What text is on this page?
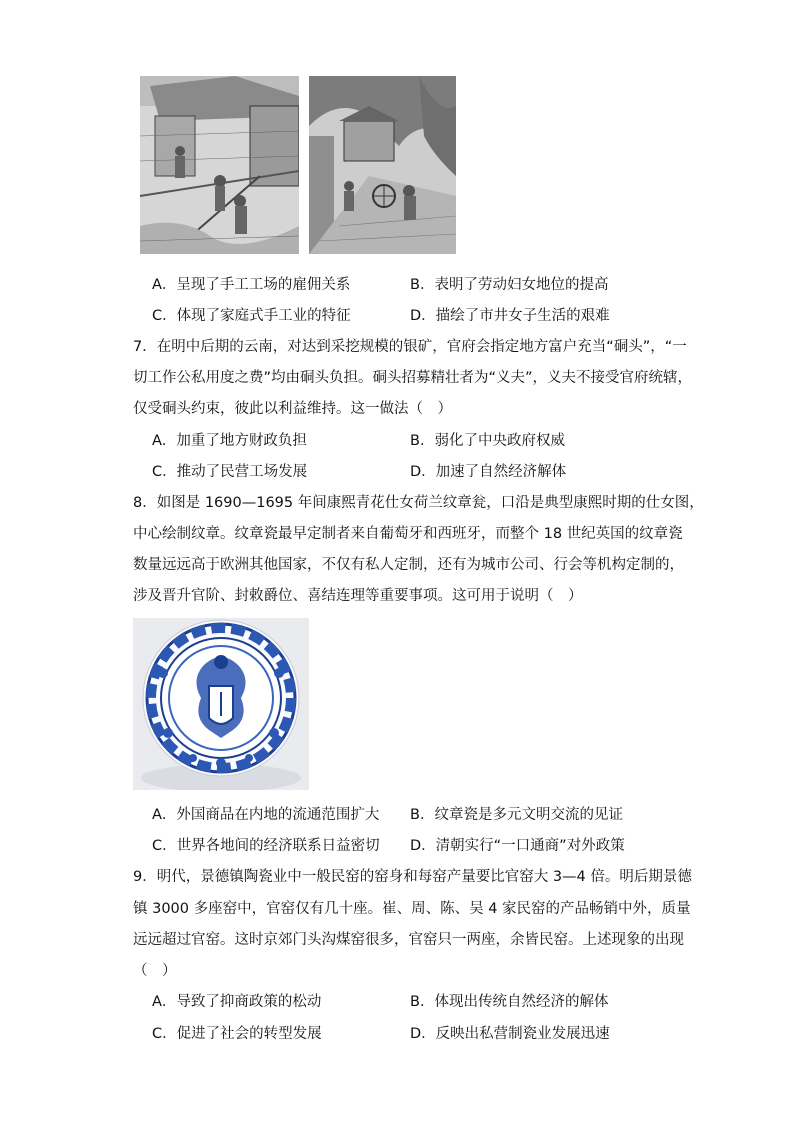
A．呈现了手工工场的雇佣关系	B．表明了劳动妇女地位的提高
C．体现了家庭式手工业的特征	D．描绘了市井女子生活的艰难
7．在明中后期的云南，对达到采挖规模的银矿，官府会指定地方富户充当“硐头”，“一
切工作公私用度之费”均由硐头负担。硐头招募精壮者为“义夫”，义夫不接受官府统辖，
仅受硐头约束，彼此以利益维持。这一做法（　）
A．加重了地方财政负担	B．弱化了中央政府权威
C．推动了民营工场发展	D．加速了自然经济解体
8．如图是 1690—1695 年间康熙青花仕女荷兰纹章瓮，口沿是典型康熙时期的仕女图，
中心绘制纹章。纹章瓷最早定制者来自葡萄牙和西班牙，而整个 18 世纪英国的纹章瓷
数量远远高于欧洲其他国家，不仅有私人定制，还有为城市公司、行会等机构定制的，
涉及晋升官阶、封敕爵位、喜结连理等重要事项。这可用于说明（　）
A．外国商品在内地的流通范围扩大 B．纹章瓷是多元文明交流的见证
C．世界各地间的经济联系日益密切 D．清朝实行“一口通商”对外政策
9．明代，景德镇陶瓷业中一般民窑的窑身和每窑产量要比官窑大 3—4 倍。明后期景德
镇 3000 多座窑中，官窑仅有几十座。崔、周、陈、吴 4 家民窑的产品畅销中外，质量
远远超过官窑。这时京郊门头沟煤窑很多，官窑只一两座，余皆民窑。上述现象的出现
（　）
A．导致了抑商政策的松动	B．体现出传统自然经济的解体
C．促进了社会的转型发展	D．反映出私营制瓷业发展迅速
